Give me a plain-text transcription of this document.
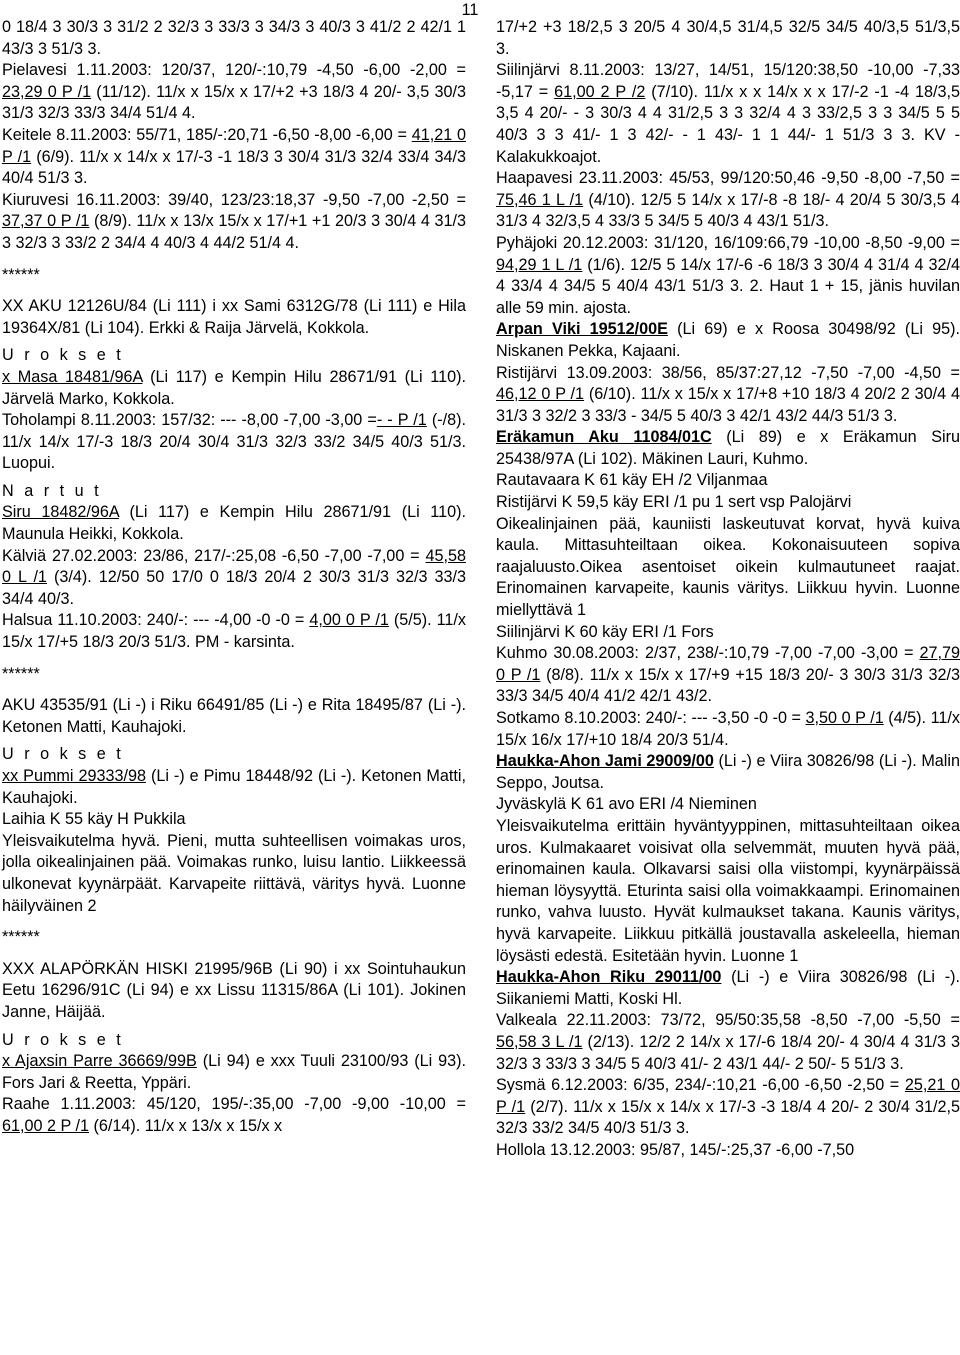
11

0 18/4 3 30/3 3 31/2 2 32/3 3 33/3 3 34/3 3 40/3 3 41/2 2 42/1 1 43/3 3 51/3 3.

Pielavesi 1.11.2003: 120/37, 120/-:10,79 -4,50 -6,00 -2,00 = 23,29 0 P /1 (11/12). 11/x x 15/x x 17/+2 +3 18/3 4 20/- 3,5 30/3 31/3 32/3 33/3 34/4 51/4 4.

Keitele 8.11.2003: 55/71, 185/-:20,71 -6,50 -8,00 -6,00 = 41,21 0 P /1 (6/9). 11/x x 14/x x 17/-3 -1 18/3 3 30/4 31/3 32/4 33/4 34/3 40/4 51/3 3.

Kiuruvesi 16.11.2003: 39/40, 123/23:18,37 -9,50 -7,00 -2,50 = 37,37 0 P /1 (8/9). 11/x x 13/x 15/x x 17/+1 +1 20/3 3 30/4 4 31/3 3 32/3 3 33/2 2 34/4 4 40/3 4 44/2 51/4 4.

******

XX AKU 12126U/84 (Li 111) i xx Sami 6312G/78 (Li 111) e Hila 19364X/81 (Li 104). Erkki & Raija Järvelä, Kokkola.

U r o k s e t

x Masa 18481/96A (Li 117) e Kempin Hilu 28671/91 (Li 110). Järvelä Marko, Kokkola.

Toholampi 8.11.2003: 157/32: --- -8,00 -7,00 -3,00 =- - P /1 (-/8). 11/x 14/x 17/-3 18/3 20/4 30/4 31/3 32/3 33/2 34/5 40/3 51/3. Luopui.

N a r t u t

Siru 18482/96A (Li 117) e Kempin Hilu 28671/91 (Li 110). Maunula Heikki, Kokkola.

Kälviä 27.02.2003: 23/86, 217/-:25,08 -6,50 -7,00 -7,00 = 45,58 0 L /1 (3/4). 12/50 50 17/0 0 18/3 20/4 2 30/3 31/3 32/3 33/3 34/4 40/3.

Halsua 11.10.2003: 240/-: --- -4,00 -0 -0 = 4,00 0 P /1 (5/5). 11/x 15/x 17/+5 18/3 20/3 51/3. PM - karsinta.

******

AKU 43535/91 (Li -) i Riku 66491/85 (Li -) e Rita 18495/87 (Li -). Ketonen Matti, Kauhajoki.

U r o k s e t

xx Pummi 29333/98 (Li -) e Pimu 18448/92 (Li -). Ketonen Matti, Kauhajoki.

Laihia K 55 käy H Pukkila

Yleisvaikutelma hyvä. Pieni, mutta suhteellisen voimakas uros, jolla oikealinjainen pää. Voimakas runko, luisu lantio. Liikkeessä ulkonevat kyynärpäät. Karvapeite riittävä, väritys hyvä. Luonne häilyväinen 2

******

XXX ALAPÖRKÄN HISKI 21995/96B (Li 90) i xx Sointuhaukun Eetu 16296/91C (Li 94) e xx Lissu 11315/86A (Li 101). Jokinen Janne, Häijää.

U r o k s e t

x Ajaxsin Parre 36669/99B (Li 94) e xxx Tuuli 23100/93 (Li 93). Fors Jari & Reetta, Yppäri.

Raahe 1.11.2003: 45/120, 195/-:35,00 -7,00 -9,00 -10,00 = 61,00 2 P /1 (6/14). 11/x x 13/x x 15/x x

17/+2 +3 18/2,5 3 20/5 4 30/4,5 31/4,5 32/5 34/5 40/3,5 51/3,5 3.

Siilinjärvi 8.11.2003: 13/27, 14/51, 15/120:38,50 -10,00 -7,33 -5,17 = 61,00 2 P /2 (7/10). 11/x x x 14/x x x 17/-2 -1 -4 18/3,5 3,5 4 20/- - 3 30/3 4 4 31/2,5 3 3 32/4 4 3 33/2,5 3 3 34/5 5 5 40/3 3 3 41/- 1 3 42/- - 1 43/- 1 1 44/- 1 51/3 3 3. KV - Kalakukkoajot.

Haapavesi 23.11.2003: 45/53, 99/120:50,46 -9,50 -8,00 -7,50 = 75,46 1 L /1 (4/10). 12/5 5 14/x x 17/-8 -8 18/- 4 20/4 5 30/3,5 4 31/3 4 32/3,5 4 33/3 5 34/5 5 40/3 4 43/1 51/3.

Pyhäjoki 20.12.2003: 31/120, 16/109:66,79 -10,00 -8,50 -9,00 = 94,29 1 L /1 (1/6). 12/5 5 14/x 17/-6 -6 18/3 3 30/4 4 31/4 4 32/4 4 33/4 4 34/5 5 40/4 43/1 51/3 3. 2. Haut 1 + 15, jänis huvilan alle 59 min. ajosta.

Arpan Viki 19512/00E (Li 69) e x Roosa 30498/92 (Li 95). Niskanen Pekka, Kajaani.

Ristijärvi 13.09.2003: 38/56, 85/37:27,12 -7,50 -7,00 -4,50 = 46,12 0 P /1 (6/10). 11/x x 15/x x 17/+8 +10 18/3 4 20/2 2 30/4 4 31/3 3 32/2 3 33/3 - 34/5 5 40/3 3 42/1 43/2 44/3 51/3 3.

Eräkamun Aku 11084/01C (Li 89) e x Eräkamun Siru 25438/97A (Li 102). Mäkinen Lauri, Kuhmo.

Rautavaara K 61 käy EH /2 Viljanmaa

Ristijärvi K 59,5 käy ERI /1 pu 1 sert vsp Palojärvi

Oikealinjainen pää, kauniisti laskeutuvat korvat, hyvä kuiva kaula. Mittasuhteiltaan oikea. Kokonaisuuteen sopiva raajaluusto.Oikea asentoiset oikein kulmautuneet raajat. Erinomainen karvapeite, kaunis väritys. Liikkuu hyvin. Luonne miellyttävä 1

Siilinjärvi K 60 käy ERI /1 Fors

Kuhmo 30.08.2003: 2/37, 238/-:10,79 -7,00 -7,00 -3,00 = 27,79 0 P /1 (8/8). 11/x x 15/x x 17/+9 +15 18/3 20/- 3 30/3 31/3 32/3 33/3 34/5 40/4 41/2 42/1 43/2.

Sotkamo 8.10.2003: 240/-: --- -3,50 -0 -0 = 3,50 0 P /1 (4/5). 11/x 15/x 16/x 17/+10 18/4 20/3 51/4.

Haukka-Ahon Jami 29009/00 (Li -) e Viira 30826/98 (Li -). Malin Seppo, Joutsa.

Jyväskylä K 61 avo ERI /4 Nieminen

Yleisvaikutelma erittäin hyväntyyppinen, mittasuhteiltaan oikea uros. Kulmakaaret voisivat olla selvemmät, muuten hyvä pää, erinomainen kaula. Olkavarsi saisi olla viistompi, kyynärpäissä hieman löysyyttä. Eturinta saisi olla voimakkaampi. Erinomainen runko, vahva luusto. Hyvät kulmaukset takana. Kaunis väritys, hyvä karvapeite. Liikkuu pitkällä joustavalla askeleella, hieman löysästi edestä. Esitetään hyvin. Luonne 1

Haukka-Ahon Riku 29011/00 (Li -) e Viira 30826/98 (Li -). Siikaniemi Matti, Koski Hl.

Valkeala 22.11.2003: 73/72, 95/50:35,58 -8,50 -7,00 -5,50 = 56,58 3 L /1 (2/13). 12/2 2 14/x x 17/-6 18/4 20/- 4 30/4 4 31/3 3 32/3 3 33/3 3 34/5 5 40/3 41/- 2 43/1 44/- 2 50/- 5 51/3 3.

Sysmä 6.12.2003: 6/35, 234/-:10,21 -6,00 -6,50 -2,50 = 25,21 0 P /1 (2/7). 11/x x 15/x x 14/x x 17/-3 -3 18/4 4 20/- 2 30/4 31/2,5 32/3 33/2 34/5 40/3 51/3 3.

Hollola 13.12.2003: 95/87, 145/-:25,37 -6,00 -7,50
